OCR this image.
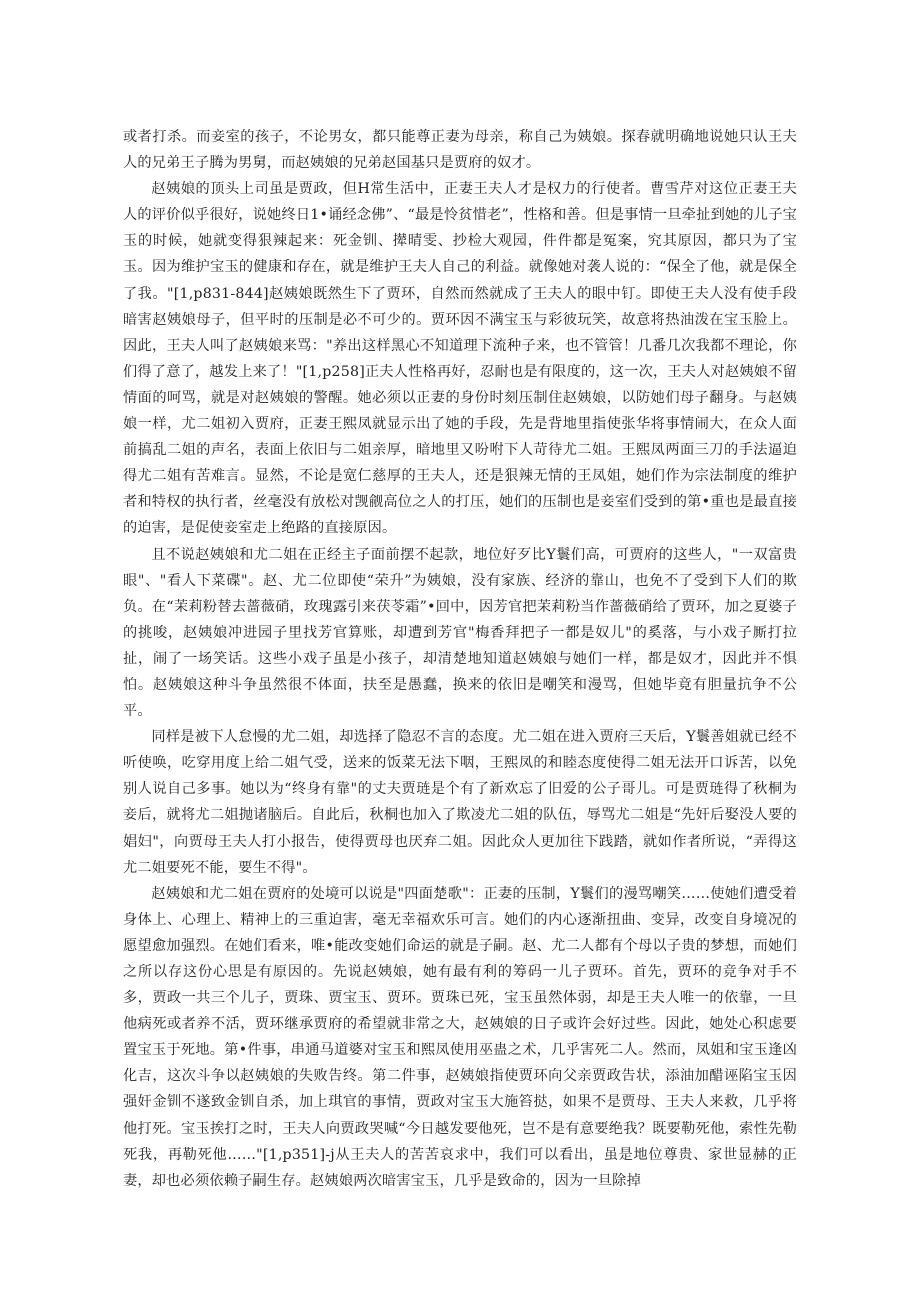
或者打杀。而妾室的孩子，不论男女，都只能尊正妻为母亲，称自己为姨娘。探春就明确地说她只认王夫人的兄弟王子腾为男舅，而赵姨娘的兄弟赵国基只是贾府的奴才。

赵姨娘的顶头上司虽是贾政，但H常生活中，正妻王夫人才是权力的行使者。曹雪芹对这位正妻王夫人的评价似乎很好，说她终日1•诵经念佛”、“最是怜贫惜老”，性格和善。但是事情一旦牵扯到她的儿子宝玉的时候，她就变得狠辣起来：死金钏、撵晴雯、抄检大观园，件件都是冤案，究其原因，都只为了宝玉。因为维护宝玉的健康和存在，就是维护王夫人自己的利益。就像她对袭人说的：“保全了他，就是保全了我。"[1,p831-844]赵姨娘既然生下了贾环，自然而然就成了王夫人的眼中钉。即使王夫人没有使手段暗害赵姨娘母子，但平时的压制是必不可少的。贾环因不满宝玉与彩彼玩笑，故意将热油泼在宝玉脸上。因此，王夫人叫了赵姨娘来骂："养出这样黑心不知道理下流种子来，也不管管！几番几次我都不理论，你们得了意了，越发上来了！"[1,p258]正夫人性格再好，忍耐也是有限度的，这一次，王夫人对赵姨娘不留情面的呵骂，就是对赵姨娘的警醒。她必须以正妻的身份时刻压制住赵姨娘，以防她们母子翻身。与赵姨娘一样，尤二姐初入贾府，正妻王熙凤就显示出了她的手段，先是背地里指使张华将事情闹大，在众人面前搞乱二姐的声名，表面上依旧与二姐亲厚，暗地里又吩咐下人苛待尤二姐。王熙凤两面三刀的手法逼迫得尤二姐有苦难言。显然，不论是宽仁慈厚的王夫人，还是狠辣无情的王凤姐，她们作为宗法制度的维护者和特权的执行者，丝毫没有放松对觊觎高位之人的打压，她们的压制也是妾室们受到的第•重也是最直接的迫害，是促使妾室走上绝路的直接原因。

且不说赵姨娘和尤二姐在正经主子面前摆不起款，地位好歹比Y鬟们高，可贾府的这些人，"一双富贵眼"、"看人下菜碟"。赵、尤二位即使“荣升”为姨娘，没有家族、经济的靠山，也免不了受到下人们的欺负。在“茉莉粉替去蔷薇硝，玫瑰露引来茯苓霜”•回中，因芳官把茉莉粉当作蔷薇硝给了贾环，加之夏婆子的挑唆，赵姨娘冲进园子里找芳官算账，却遭到芳官"梅香拜把子一都是奴儿"的奚落，与小戏子厮打拉扯，闹了一场笑话。这些小戏子虽是小孩子，却清楚地知道赵姨娘与她们一样，都是奴才，因此并不惧怕。赵姨娘这种斗争虽然很不体面，扶至是愚蠢，换来的依旧是嘲笑和漫骂，但她毕竟有胆量抗争不公平。

同样是被下人怠慢的尤二姐，却选择了隐忍不言的态度。尤二姐在进入贾府三天后，Y鬟善姐就已经不听使唤，吃穿用度上给二姐气受，送来的饭菜无法下咽，王熙凤的和睦态度使得二姐无法开口诉苦，以免别人说自己多事。她以为“终身有靠"的丈夫贾琏是个有了新欢忘了旧爱的公子哥儿。可是贾琏得了秋桐为妾后，就将尤二姐抛诸脑后。自此后，秋桐也加入了欺凌尤二姐的队伍，辱骂尤二姐是“先奸后娶没人要的娼妇"，向贾母王夫人打小报告，使得贾母也厌弃二姐。因此众人更加往下践踏，就如作者所说，“弄得这尤二姐要死不能，要生不得"。

赵姨娘和尤二姐在贾府的处境可以说是"四面楚歌"：正妻的压制，Y鬟们的漫骂嘲笑……使她们遭受着身体上、心理上、精神上的三重迫害，毫无幸福欢乐可言。她们的内心逐渐扭曲、变异，改变自身境况的愿望愈加强烈。在她们看来，唯•能改变她们命运的就是子嗣。赵、尤二人都有个母以子贵的梦想，而她们之所以存这份心思是有原因的。先说赵姨娘，她有最有利的筹码一儿子贾环。首先，贾环的竞争对手不多，贾政一共三个儿子，贾珠、贾宝玉、贾环。贾珠已死，宝玉虽然体弱，却是王夫人唯一的依靠，一旦他病死或者养不活，贾环继承贾府的希望就非常之大，赵姨娘的日子或许会好过些。因此，她处心积虑要置宝玉于死地。第•件事，串通马道婆对宝玉和熙凤使用巫蛊之术，几乎害死二人。然而，凤姐和宝玉逢凶化吉，这次斗争以赵姨娘的失败告终。第二件事，赵姨娘指使贾环向父亲贾政告状，添油加醋诬陷宝玉因强奸金钏不遂致金钏自杀，加上琪官的事情，贾政对宝玉大施笞挞，如果不是贾母、王夫人来救，几乎将他打死。宝玉挨打之时，王夫人向贾政哭喊“今日越发要他死，岂不是有意要绝我？既要勒死他，索性先勒死我，再勒死他……"[1,p351]-j从王夫人的苦苦哀求中，我们可以看出，虽是地位尊贵、家世显赫的正妻，却也必须依赖子嗣生存。赵姨娘两次暗害宝玉，几乎是致命的，因为一旦除掉
